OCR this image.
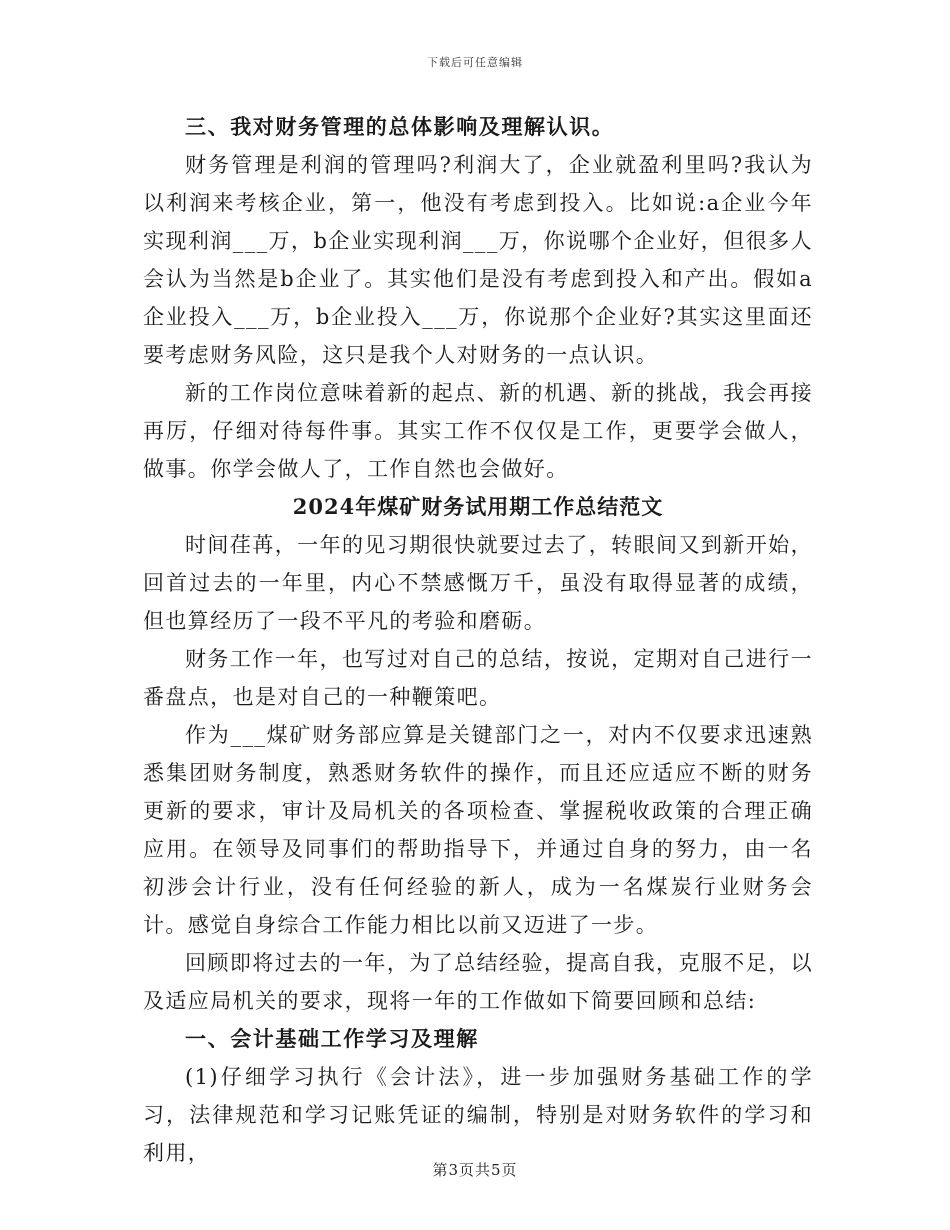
下载后可任意编辑

三、我对财务管理的总体影响及理解认识。

财务管理是利润的管理吗?利润大了，企业就盈利里吗?我认为以利润来考核企业，第一，他没有考虑到投入。比如说:a企业今年实现利润___万，b企业实现利润___万，你说哪个企业好，但很多人会认为当然是b企业了。其实他们是没有考虑到投入和产出。假如a企业投入___万，b企业投入___万，你说那个企业好?其实这里面还要考虑财务风险，这只是我个人对财务的一点认识。

新的工作岗位意味着新的起点、新的机遇、新的挑战，我会再接再厉，仔细对待每件事。其实工作不仅仅是工作，更要学会做人，做事。你学会做人了，工作自然也会做好。

2024年煤矿财务试用期工作总结范文

时间荏苒，一年的见习期很快就要过去了，转眼间又到新开始，回首过去的一年里，内心不禁感慨万千，虽没有取得显著的成绩，但也算经历了一段不平凡的考验和磨砺。

财务工作一年，也写过对自己的总结，按说，定期对自己进行一番盘点，也是对自己的一种鞭策吧。

作为___煤矿财务部应算是关键部门之一，对内不仅要求迅速熟悉集团财务制度，熟悉财务软件的操作，而且还应适应不断的财务更新的要求，审计及局机关的各项检查、掌握税收政策的合理正确应用。在领导及同事们的帮助指导下，并通过自身的努力，由一名初涉会计行业，没有任何经验的新人，成为一名煤炭行业财务会计。感觉自身综合工作能力相比以前又迈进了一步。

回顾即将过去的一年，为了总结经验，提高自我，克服不足，以及适应局机关的要求，现将一年的工作做如下简要回顾和总结:

一、会计基础工作学习及理解

(1)仔细学习执行《会计法》，进一步加强财务基础工作的学习，法律规范和学习记账凭证的编制，特别是对财务软件的学习和利用，

第3页共5页
